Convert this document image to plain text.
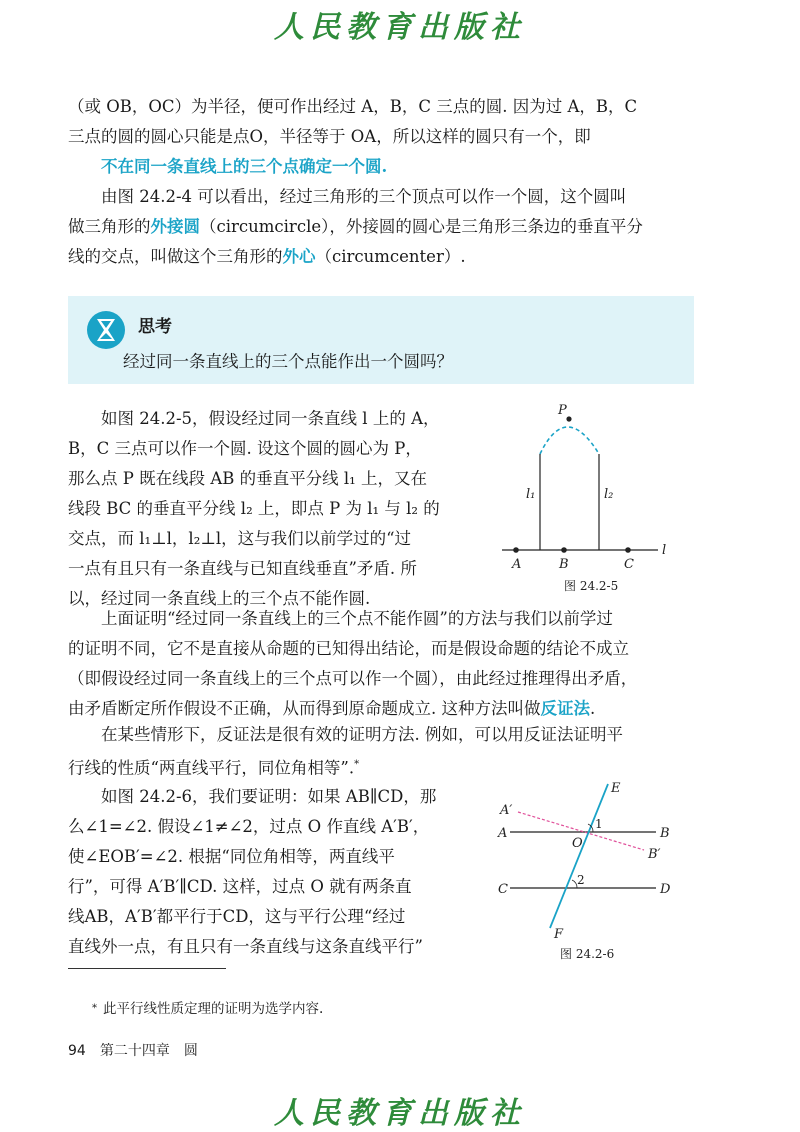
人民教育出版社
（或 OB，OC）为半径，便可作出经过 A，B，C 三点的圆. 因为过 A，B，C
三点的圆的圆心只能是点O，半径等于 OA，所以这样的圆只有一个，即
不在同一条直线上的三个点确定一个圆.
由图 24.2-4 可以看出，经过三角形的三个顶点可以作一个圆，这个圆叫
做三角形的外接圆（circumcircle），外接圆的圆心是三角形三条边的垂直平分
线的交点，叫做这个三角形的外心（circumcenter）.
思考
经过同一条直线上的三个点能作出一个圆吗？
如图 24.2-5，假设经过同一条直线 l 上的 A，
B，C 三点可以作一个圆. 设这个圆的圆心为 P，
那么点 P 既在线段 AB 的垂直平分线 l₁ 上，又在
线段 BC 的垂直平分线 l₂ 上，即点 P 为 l₁ 与 l₂ 的
交点，而 l₁⊥l，l₂⊥l，这与我们以前学过的“过
一点有且只有一条直线与已知直线垂直”矛盾. 所
以，经过同一条直线上的三个点不能作圆.
P
l₁	l₂
l
A	B	C
图 24.2-5
上面证明“经过同一条直线上的三个点不能作圆”的方法与我们以前学过
的证明不同，它不是直接从命题的已知得出结论，而是假设命题的结论不成立
（即假设经过同一条直线上的三个点可以作一个圆），由此经过推理得出矛盾，
由矛盾断定所作假设不正确，从而得到原命题成立. 这种方法叫做反证法.
在某些情形下，反证法是很有效的证明方法. 例如，可以用反证法证明平
行线的性质“两直线平行，同位角相等”.*
如图 24.2-6，我们要证明：如果 AB∥CD，那
么∠1=∠2. 假设∠1≠∠2，过点 O 作直线 A′B′，
使∠EOB′=∠2. 根据“同位角相等，两直线平
行”，可得 A′B′∥CD. 这样，过点 O 就有两条直
线AB，A′B′都平行于CD，这与平行公理“经过
直线外一点，有且只有一条直线与这条直线平行”
E
A′
A
1
B
O
B′
C
2
D
F
图 24.2-6
* 此平行线性质定理的证明为选学内容.
94 第二十四章　圆
人民教育出版社
